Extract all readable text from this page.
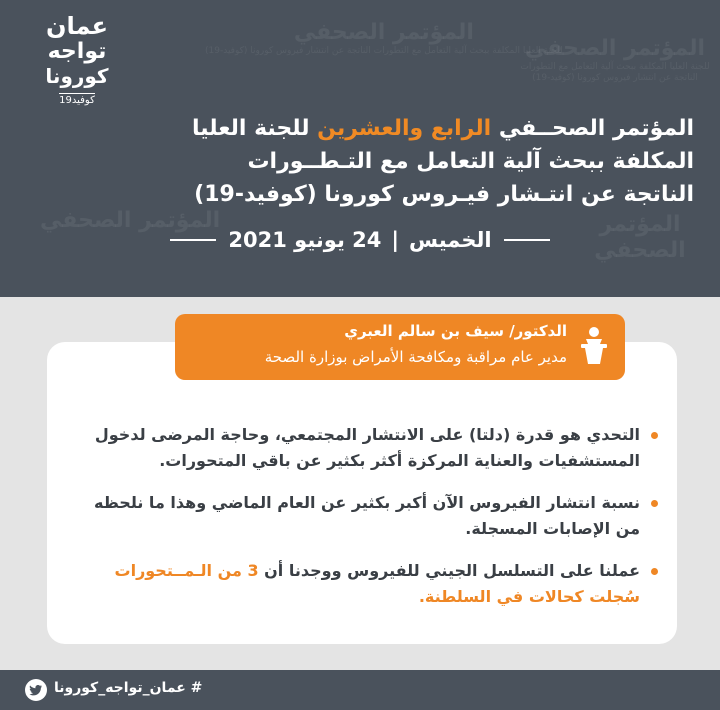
المؤتمر الصحفي
للجنة العليا المكلفة ببحث آلية التعامل مع التطورات الناتجة عن انتشار فيروس كورونا (كوفيد-19)
المؤتمر الصحفي
للجنة العليا المكلفة ببحث آلية التعامل مع التطورات الناتجة عن انتشار فيروس كورونا (كوفيد-19)
المؤتمر الصحفي	المؤتمر الصحفي
عمان
تواجه
كورونا
كوفيد19
المؤتمر الصحــفي الرابع والعشرين للجنة العليا
المكلفة ببحث آلية التعامل مع التـطــورات
الناتجة عن انتـشار فيـروس كورونا (كوفيد-19)
الخميس
|
24 يونيو 2021
الدكتور/ سيف بن سالم العبري
مدير عام مراقبة ومكافحة الأمراض بوزارة الصحة
التحدي هو قدرة (دلتا) على الانتشار المجتمعي، وحاجة المرضى لدخول المستشفيات والعناية المركزة أكثر بكثير عن باقي المتحورات.
نسبة انتشار الفيروس الآن أكبر بكثير عن العام الماضي وهذا ما نلحظه من الإصابات المسجلة.
عملنا على التسلسل الجيني للفيروس ووجدنا أن 3 من الـمــتحورات سُجلت كحالات في السلطنة.
# عمان_تواجه_كورونا
